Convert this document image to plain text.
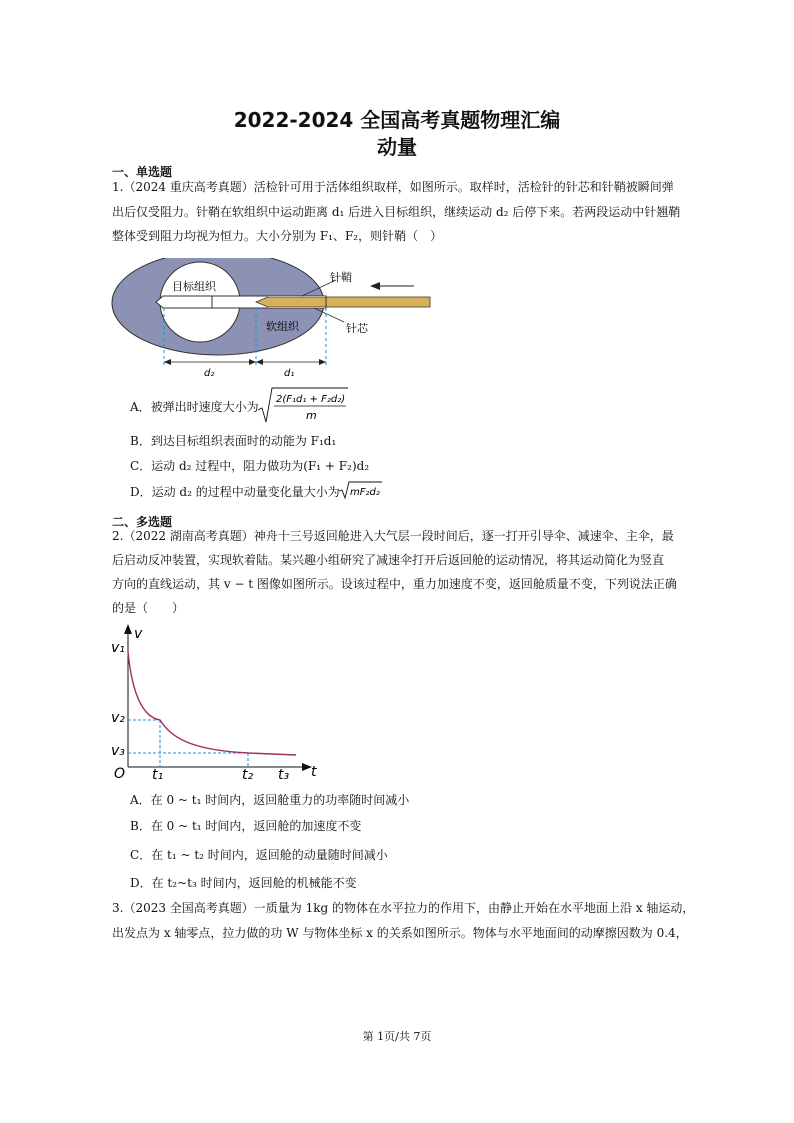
2022-2024 全国高考真题物理汇编
动量
一、单选题
1.（2024 重庆高考真题）活检针可用于活体组织取样，如图所示。取样时，活检针的针芯和针鞘被瞬间弹
出后仅受阻力。针鞘在软组织中运动距离 d₁ 后进入目标组织，继续运动 d₂ 后停下来。若两段运动中针翘鞘
整体受到阻力均视为恒力。大小分别为 F₁、F₂，则针鞘（　）
目标组织
软组织
针鞘
针芯
d₂	d₁
A．被弹出时速度大小为
2(F₁d₁ + F₂d₂)
m
B．到达目标组织表面时的动能为 F₁d₁
C．运动 d₂ 过程中，阻力做功为(F₁ + F₂)d₂
D．运动 d₂ 的过程中动量变化量大小为 mF₂d₂
二、多选题
2.（2022 湖南高考真题）神舟十三号返回舱进入大气层一段时间后，逐一打开引导伞、减速伞、主伞，最
后启动反冲装置，实现软着陆。某兴趣小组研究了减速伞打开后返回舱的运动情况，将其运动简化为竖直
方向的直线运动，其 v − t 图像如图所示。设该过程中，重力加速度不变，返回舱质量不变，下列说法正确
的是（　　）
v
v₁
v₂
v₃
O t₁	t₂ t₃ t
A．在 0 ~ t₁ 时间内，返回舱重力的功率随时间减小
B．在 0 ~ t₁ 时间内，返回舱的加速度不变
C．在 t₁ ~ t₂ 时间内，返回舱的动量随时间减小
D．在 t₂~t₃ 时间内，返回舱的机械能不变
3.（2023 全国高考真题）一质量为 1kg 的物体在水平拉力的作用下，由静止开始在水平地面上沿 x 轴运动，
出发点为 x 轴零点，拉力做的功 W 与物体坐标 x 的关系如图所示。物体与水平地面间的动摩擦因数为 0.4，
第 1页/共 7页
